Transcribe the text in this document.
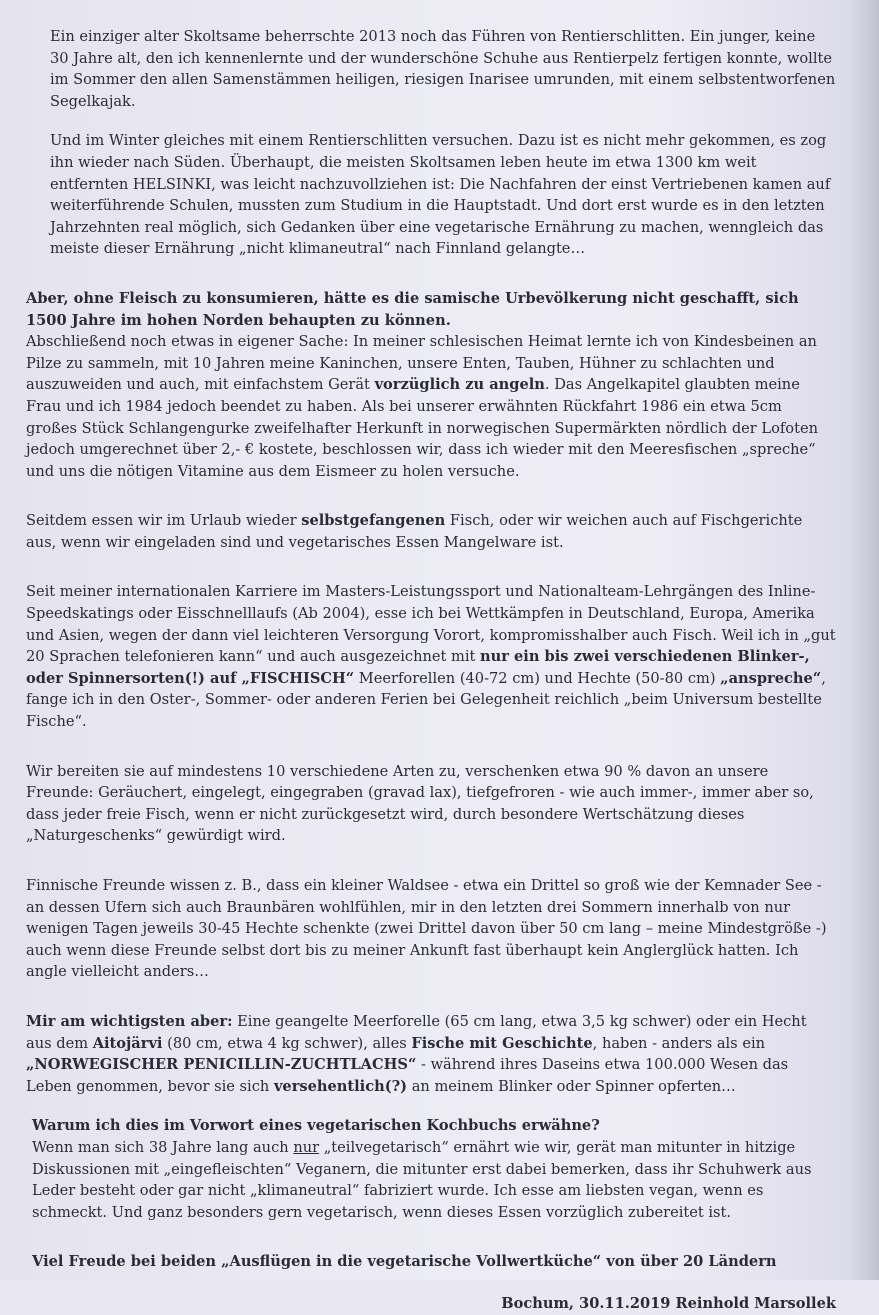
Ein einziger alter Skoltsame beherrschte 2013 noch das Führen von Rentierschlitten. Ein junger, keine 30 Jahre alt, den ich kennenlernte und der wunderschöne Schuhe aus Rentierpelz fertigen konnte, wollte im Sommer den allen Samenstämmen heiligen, riesigen Inarisee umrunden, mit einem selbstentworfenen Segelkajak.

Und im Winter gleiches mit einem Rentierschlitten versuchen. Dazu ist es nicht mehr gekommen, es zog ihn wieder nach Süden. Überhaupt, die meisten Skoltsamen leben heute im etwa 1300 km weit entfernten HELSINKI, was leicht nachzuvollziehen ist: Die Nachfahren der einst Vertriebenen kamen auf weiterführende Schulen, mussten zum Studium in die Hauptstadt. Und dort erst wurde es in den letzten Jahrzehnten real möglich, sich Gedanken über eine vegetarische Ernährung zu machen, wenngleich das meiste dieser Ernährung „nicht klimaneutral“ nach Finnland gelangte…

Aber, ohne Fleisch zu konsumieren, hätte es die samische Urbevölkerung nicht geschafft, sich 1500 Jahre im hohen Norden behaupten zu können.

Abschließend noch etwas in eigener Sache: In meiner schlesischen Heimat lernte ich von Kindesbeinen an Pilze zu sammeln, mit 10 Jahren meine Kaninchen, unsere Enten, Tauben, Hühner zu schlachten und auszuweiden und auch, mit einfachstem Gerät vorzüglich zu angeln. Das Angelkapitel glaubten meine Frau und ich 1984 jedoch beendet zu haben. Als bei unserer erwähnten Rückfahrt 1986 ein etwa 5cm großes Stück Schlangengurke zweifelhafter Herkunft in norwegischen Supermärkten nördlich der Lofoten jedoch umgerechnet über 2,- € kostete, beschlossen wir, dass ich wieder mit den Meeresfischen „spreche“ und uns die nötigen Vitamine aus dem Eismeer zu holen versuche.

Seitdem essen wir im Urlaub wieder selbstgefangenen Fisch, oder wir weichen auch auf Fischgerichte aus, wenn wir eingeladen sind und vegetarisches Essen Mangelware ist.

Seit meiner internationalen Karriere im Masters-Leistungssport und Nationalteam-Lehrgängen des Inline-Speedskatings oder Eisschnelllaufs (Ab 2004), esse ich bei Wettkämpfen in Deutschland, Europa, Amerika und Asien, wegen der dann viel leichteren Versorgung Vorort, kompromisshalber auch Fisch. Weil ich in „gut 20 Sprachen telefonieren kann“ und auch ausgezeichnet mit nur ein bis zwei verschiedenen Blinker-, oder Spinnersorten(!) auf „FISCHISCH“ Meerforellen (40-72 cm) und Hechte (50-80 cm) „anspreche“, fange ich in den Oster-, Sommer- oder anderen Ferien bei Gelegenheit reichlich „beim Universum bestellte Fische“.

Wir bereiten sie auf mindestens 10 verschiedene Arten zu, verschenken etwa 90 % davon an unsere Freunde: Geräuchert, eingelegt, eingegraben (gravad lax), tiefgefroren - wie auch immer-, immer aber so, dass jeder freie Fisch, wenn er nicht zurückgesetzt wird, durch besondere Wertschätzung dieses „Naturgeschenks“ gewürdigt wird.

Finnische Freunde wissen z. B., dass ein kleiner Waldsee - etwa ein Drittel so groß wie der Kemnader See - an dessen Ufern sich auch Braunbären wohlfühlen, mir in den letzten drei Sommern innerhalb von nur wenigen Tagen jeweils 30-45 Hechte schenkte (zwei Drittel davon über 50 cm lang – meine Mindestgröße -) auch wenn diese Freunde selbst dort bis zu meiner Ankunft fast überhaupt kein Anglerglück hatten. Ich angle vielleicht anders…

Mir am wichtigsten aber: Eine geangelte Meerforelle (65 cm lang, etwa 3,5 kg schwer) oder ein Hecht aus dem Aitojärvi (80 cm, etwa 4 kg schwer), alles Fische mit Geschichte, haben - anders als ein „NORWEGISCHER PENICILLIN-ZUCHTLACHS“ - während ihres Daseins etwa 100.000 Wesen das Leben genommen, bevor sie sich versehentlich(?) an meinem Blinker oder Spinner opferten…

Warum ich dies im Vorwort eines vegetarischen Kochbuchs erwähne?

Wenn man sich 38 Jahre lang auch nur „teilvegetarisch“ ernährt wie wir, gerät man mitunter in hitzige Diskussionen mit „eingefleischten“ Veganern, die mitunter erst dabei bemerken, dass ihr Schuhwerk aus Leder besteht oder gar nicht „klimaneutral“ fabriziert wurde. Ich esse am liebsten vegan, wenn es schmeckt. Und ganz besonders gern vegetarisch, wenn dieses Essen vorzüglich zubereitet ist.

Viel Freude bei beiden „Ausflügen in die vegetarische Vollwertküche“ von über 20 Ländern

Bochum, 30.11.2019 Reinhold Marsollek
